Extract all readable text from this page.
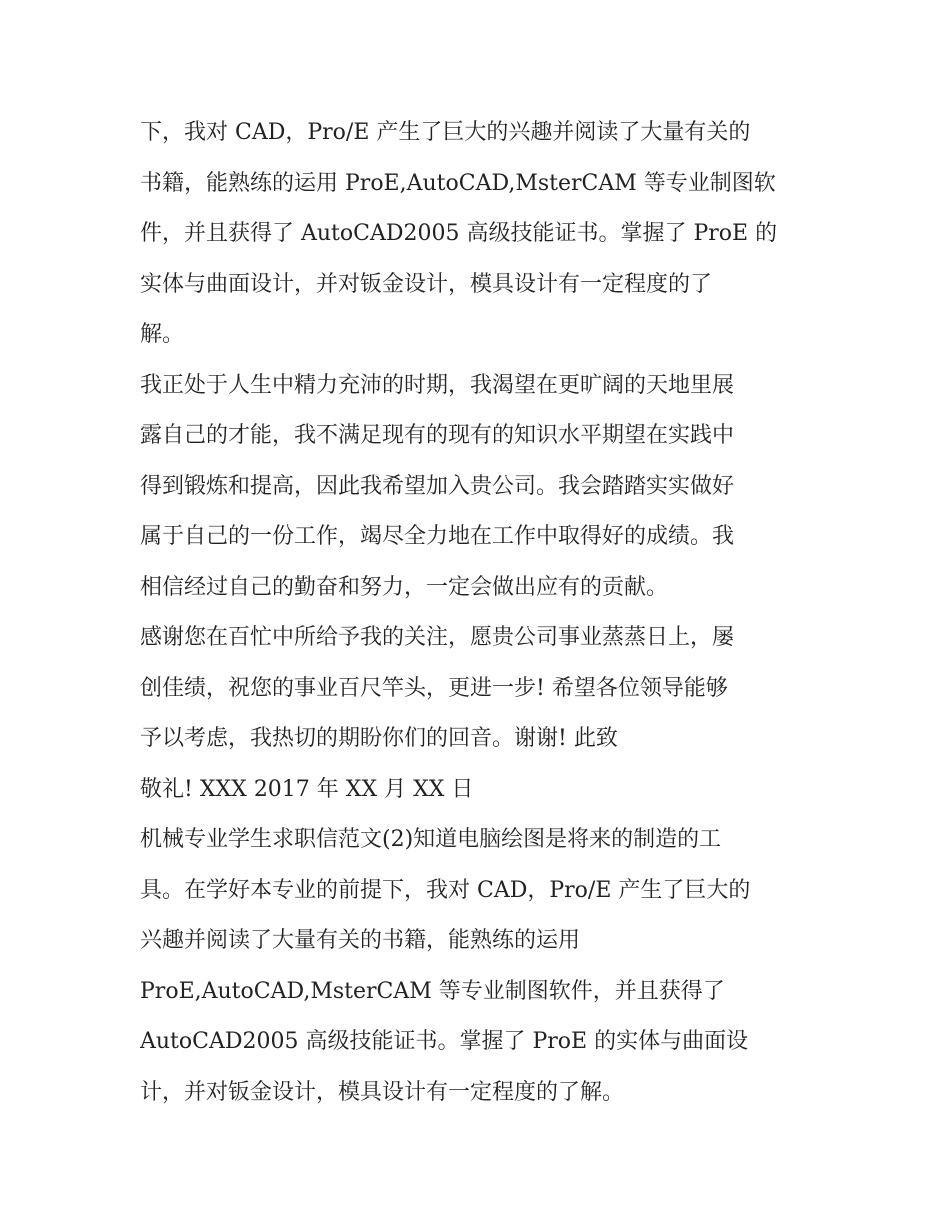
下，我对 CAD，Pro/E 产生了巨大的兴趣并阅读了大量有关的
书籍，能熟练的运用 ProE,AutoCAD,MsterCAM 等专业制图软
件，并且获得了 AutoCAD2005 高级技能证书。掌握了 ProE 的
实体与曲面设计，并对钣金设计，模具设计有一定程度的了
解。
我正处于人生中精力充沛的时期，我渴望在更旷阔的天地里展
露自己的才能，我不满足现有的现有的知识水平期望在实践中
得到锻炼和提高，因此我希望加入贵公司。我会踏踏实实做好
属于自己的一份工作，竭尽全力地在工作中取得好的成绩。我
相信经过自己的勤奋和努力，一定会做出应有的贡献。
感谢您在百忙中所给予我的关注，愿贵公司事业蒸蒸日上，屡
创佳绩，祝您的事业百尺竿头，更进一步! 希望各位领导能够
予以考虑，我热切的期盼你们的回音。谢谢! 此致
敬礼! XXX 2017 年 XX 月 XX 日
机械专业学生求职信范文(2)知道电脑绘图是将来的制造的工
具。在学好本专业的前提下，我对 CAD，Pro/E 产生了巨大的
兴趣并阅读了大量有关的书籍，能熟练的运用
ProE,AutoCAD,MsterCAM 等专业制图软件，并且获得了
AutoCAD2005 高级技能证书。掌握了 ProE 的实体与曲面设
计，并对钣金设计，模具设计有一定程度的了解。
